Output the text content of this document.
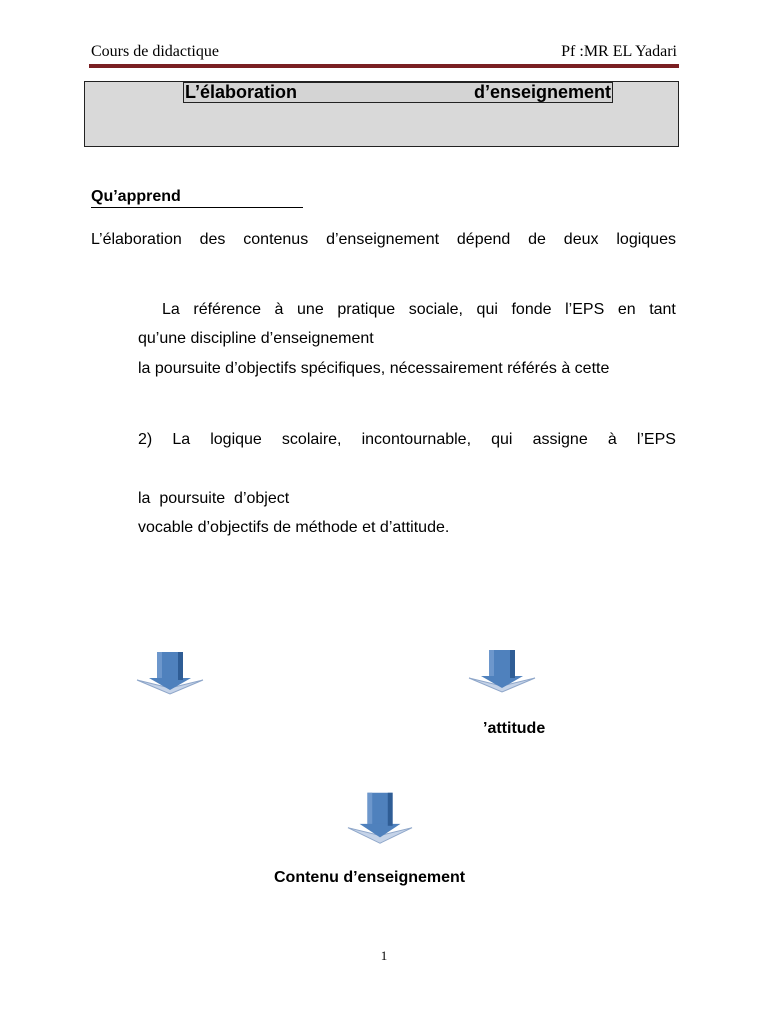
Cours de didactique	Pf :MR EL Yadari
L’élaboration	d’enseignement
Qu’apprend
L’élaboration des contenus d’enseignement dépend de deux logiques
La référence à une pratique sociale, qui fonde l’EPS en tant
qu’une discipline d’enseignement
la poursuite d’objectifs spécifiques, nécessairement référés à cette
2) La logique scolaire, incontournable, qui assigne à l’EPS
la  poursuite  d’object
vocable d’objectifs de méthode et d’attitude.
’attitude
Contenu d’enseignement
1
